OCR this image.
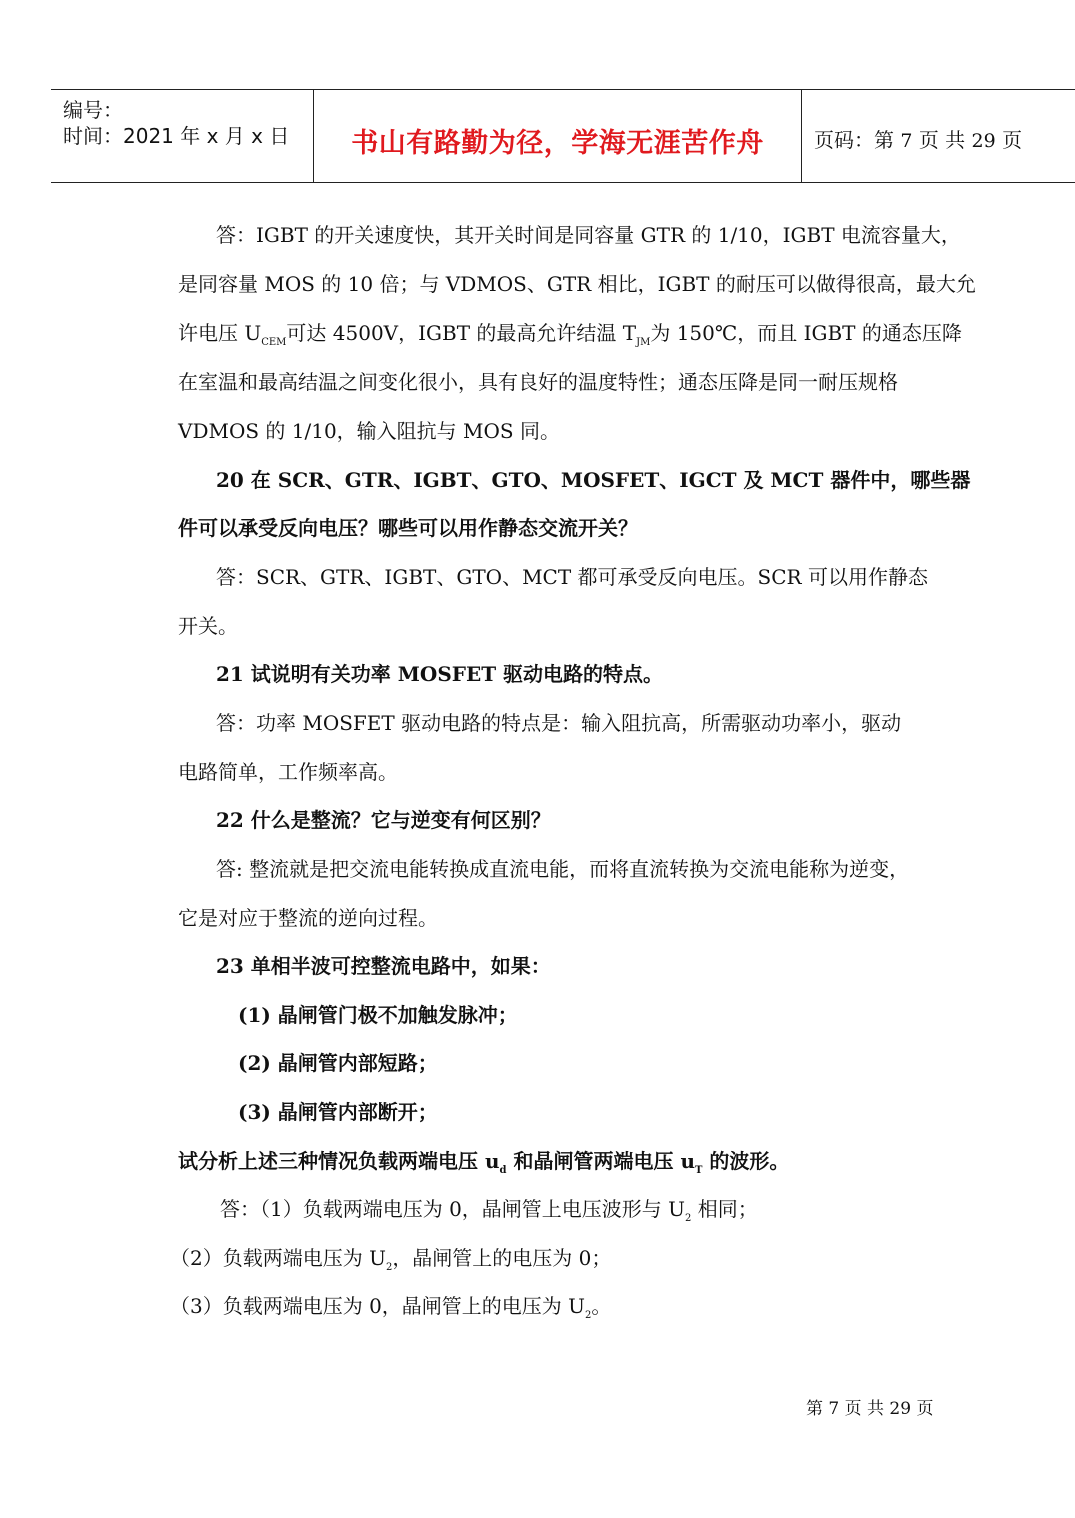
编号：
时间：2021 年 x 月 x 日	书山有路勤为径，学海无涯苦作舟	页码：第 7 页 共 29 页
答：IGBT 的开关速度快，其开关时间是同容量 GTR 的 1/10，IGBT 电流容量大，
是同容量 MOS 的 10 倍；与 VDMOS、GTR 相比，IGBT 的耐压可以做得很高，最大允
许电压 $U_{CEM}$可达 4500V，IGBT 的最高允许结温 $T_{JM}$为 150℃，而且 IGBT 的通态压降
在室温和最高结温之间变化很小，具有良好的温度特性；通态压降是同一耐压规格
VDMOS 的 1/10，输入阻抗与 MOS 同。
20 在 SCR、GTR、IGBT、GTO、MOSFET、IGCT 及 MCT 器件中，哪些器
件可以承受反向电压？哪些可以用作静态交流开关？
答：SCR、GTR、IGBT、GTO、MCT 都可承受反向电压。SCR 可以用作静态
开关。
21 试说明有关功率 MOSFET 驱动电路的特点。
答：功率 MOSFET 驱动电路的特点是：输入阻抗高，所需驱动功率小，驱动
电路简单，工作频率高。
22 什么是整流？它与逆变有何区别？
答: 整流就是把交流电能转换成直流电能，而将直流转换为交流电能称为逆变，
它是对应于整流的逆向过程。
23 单相半波可控整流电路中，如果：
(1) 晶闸管门极不加触发脉冲；
(2) 晶闸管内部短路；
(3) 晶闸管内部断开；
试分析上述三种情况负载两端电压 $u_d$ 和晶闸管两端电压 $u_T$ 的波形。
答：（1）负载两端电压为 0，晶闸管上电压波形与 $U_2$ 相同；
（2）负载两端电压为 $U_2$，晶闸管上的电压为 0；
（3）负载两端电压为 0，晶闸管上的电压为 $U_2$。
第 7 页 共 29 页
